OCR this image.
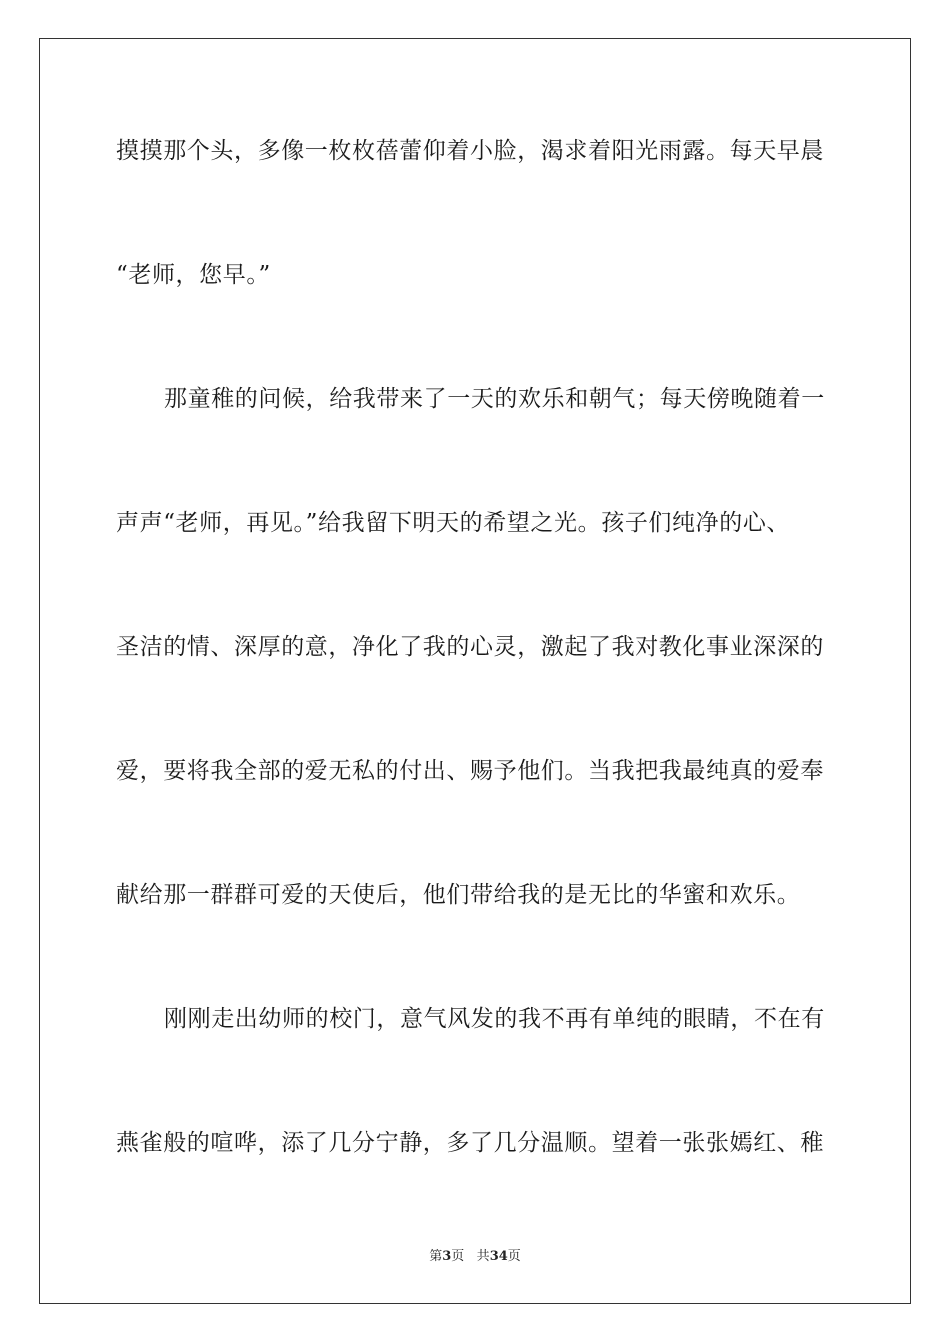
摸摸那个头，多像一枚枚蓓蕾仰着小脸，渴求着阳光雨露。每天早晨
“老师，您早。”
那童稚的问候，给我带来了一天的欢乐和朝气；每天傍晚随着一
声声“老师，再见。”给我留下明天的希望之光。孩子们纯净的心、
圣洁的情、深厚的意，净化了我的心灵，激起了我对教化事业深深的
爱，要将我全部的爱无私的付出、赐予他们。当我把我最纯真的爱奉
献给那一群群可爱的天使后，他们带给我的是无比的华蜜和欢乐。
刚刚走出幼师的校门，意气风发的我不再有单纯的眼睛，不在有
燕雀般的喧哗，添了几分宁静，多了几分温顺。望着一张张嫣红、稚
第3页 共34页
